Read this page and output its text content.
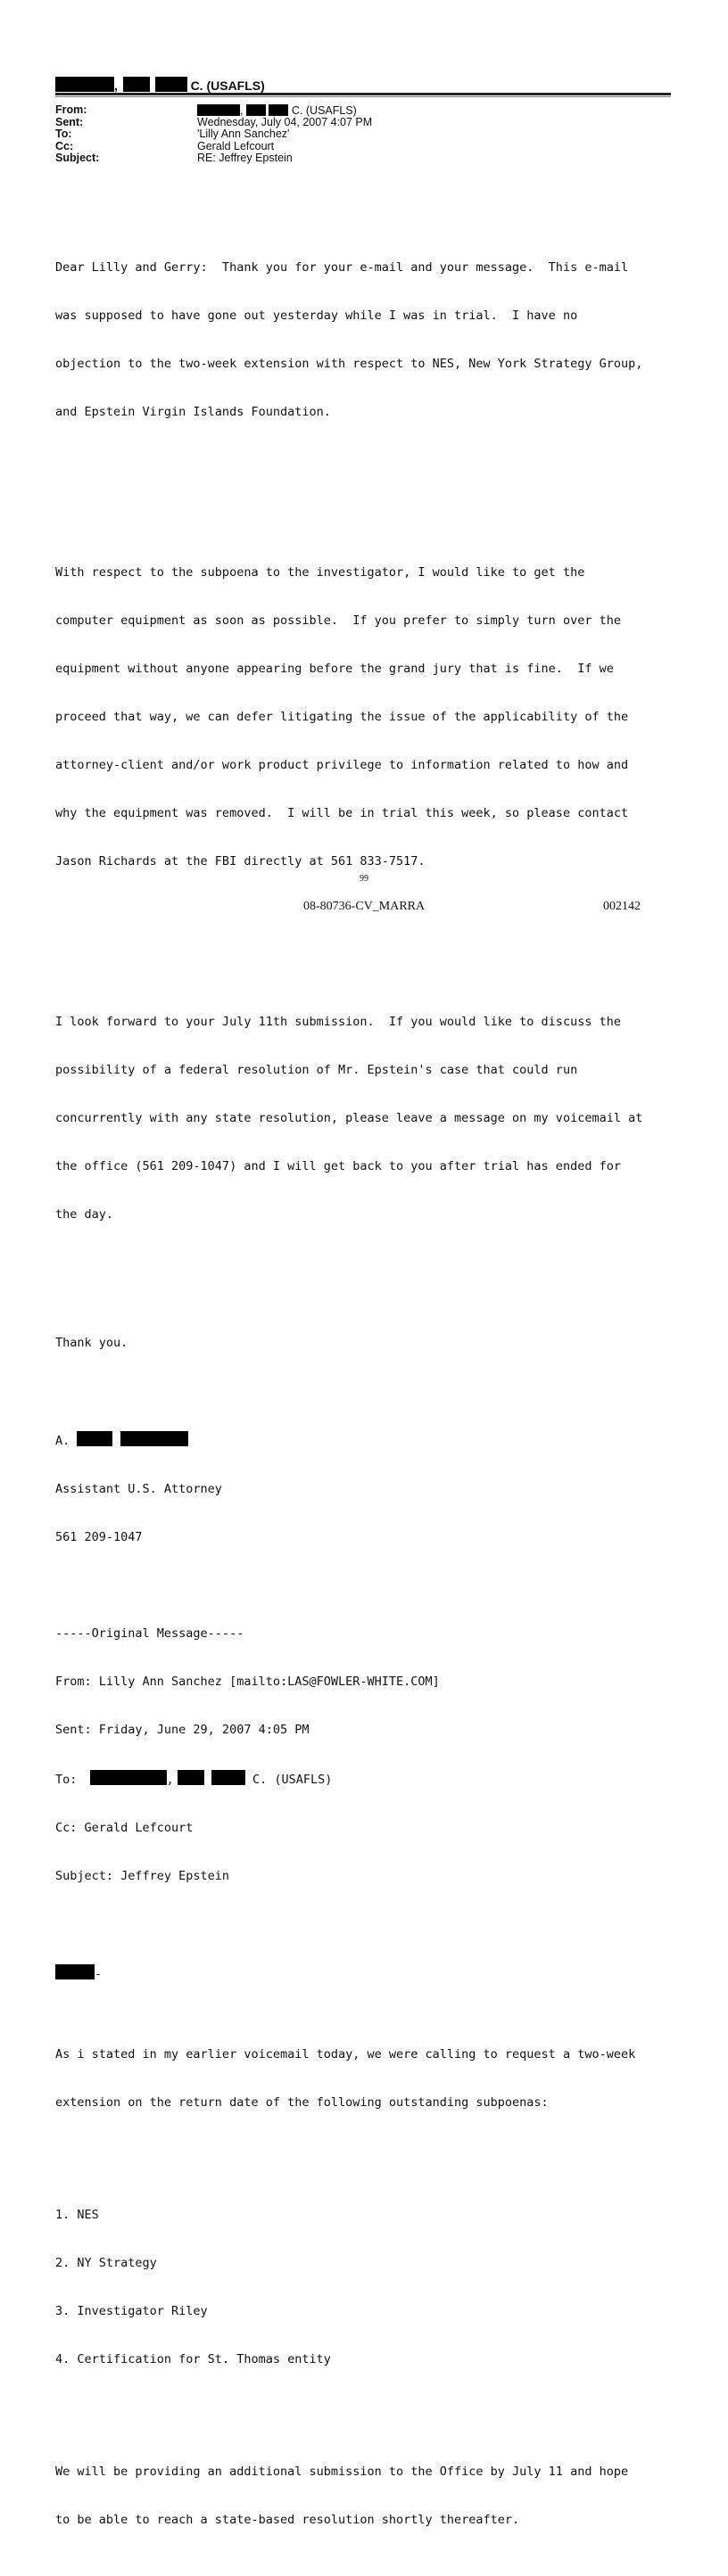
,	C. (USAFLS)
From:	,	C. (USAFLS)
Sent:	Wednesday, July 04, 2007 4:07 PM
To:	'Lilly Ann Sanchez'
Cc:	Gerald Lefcourt
Subject:	RE: Jeffrey Epstein

Dear Lilly and Gerry:  Thank you for your e-mail and your message.  This e-mail

was supposed to have gone out yesterday while I was in trial.  I have no

objection to the two-week extension with respect to NES, New York Strategy Group,

and Epstein Virgin Islands Foundation.

With respect to the subpoena to the investigator, I would like to get the

computer equipment as soon as possible.  If you prefer to simply turn over the

equipment without anyone appearing before the grand jury that is fine.  If we

proceed that way, we can defer litigating the issue of the applicability of the

attorney-client and/or work product privilege to information related to how and

why the equipment was removed.  I will be in trial this week, so please contact

Jason Richards at the FBI directly at 561 833-7517.

I look forward to your July 11th submission.  If you would like to discuss the

possibility of a federal resolution of Mr. Epstein's case that could run

concurrently with any state resolution, please leave a message on my voicemail at

the office (561 209-1047) and I will get back to you after trial has ended for

the day.

Thank you.

A.

Assistant U.S. Attorney

561 209-1047

-----Original Message-----

From: Lilly Ann Sanchez [mailto:LAS@FOWLER-WHITE.COM]

Sent: Friday, June 29, 2007 4:05 PM

To:	,	C. (USAFLS)

Cc: Gerald Lefcourt

Subject: Jeffrey Epstein

-

As i stated in my earlier voicemail today, we were calling to request a two-week

extension on the return date of the following outstanding subpoenas:

1. NES

2. NY Strategy

3. Investigator Riley

4. Certification for St. Thomas entity

We will be providing an additional submission to the Office by July 11 and hope

to be able to reach a state-based resolution shortly thereafter.

99
08-80736-CV_MARRA	002142
